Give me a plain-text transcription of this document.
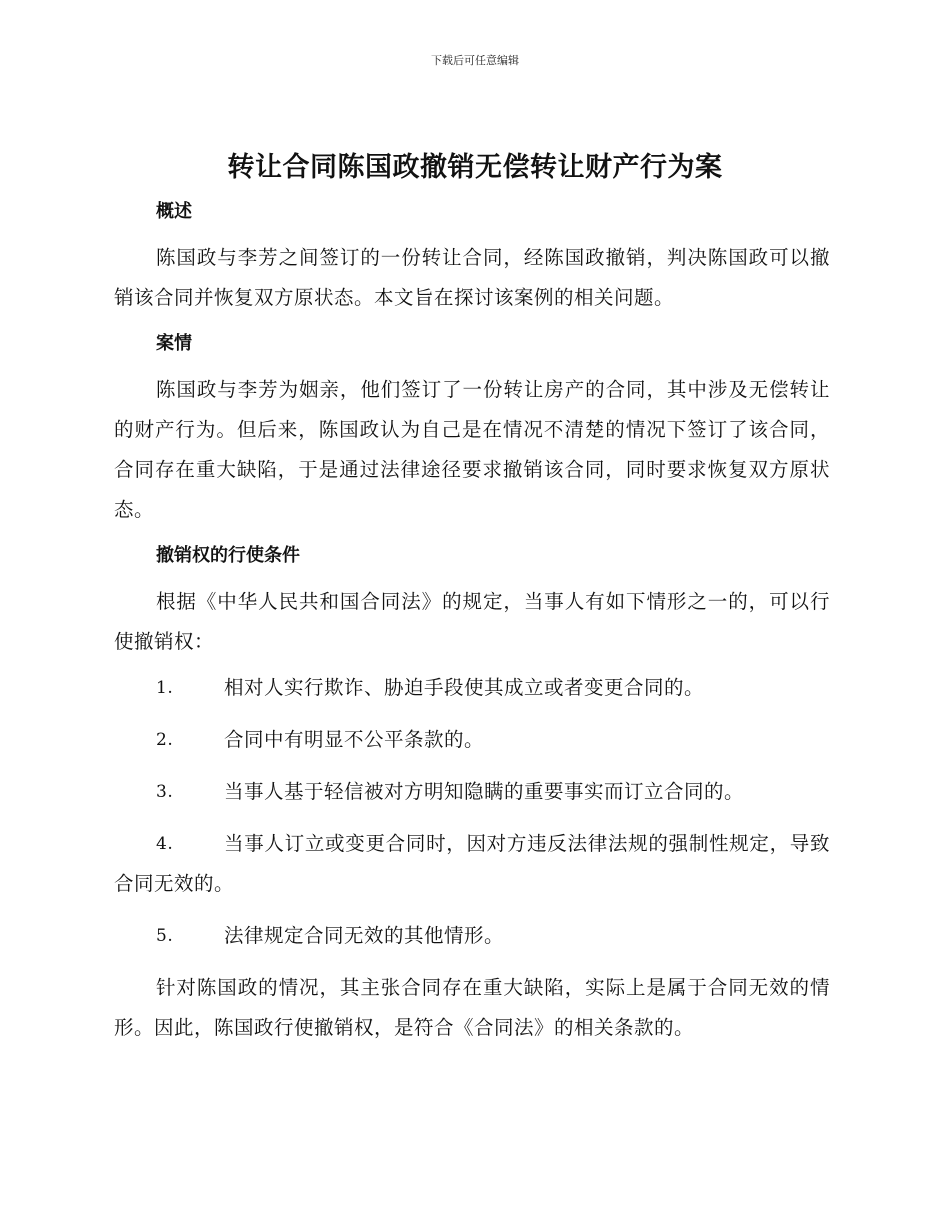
下载后可任意编辑
转让合同陈国政撤销无偿转让财产行为案
概述

陈国政与李芳之间签订的一份转让合同，经陈国政撤销，判决陈国政可以撤销该合同并恢复双方原状态。本文旨在探讨该案例的相关问题。

案情

陈国政与李芳为姻亲，他们签订了一份转让房产的合同，其中涉及无偿转让的财产行为。但后来，陈国政认为自己是在情况不清楚的情况下签订了该合同，合同存在重大缺陷，于是通过法律途径要求撤销该合同，同时要求恢复双方原状态。

撤销权的行使条件

根据《中华人民共和国合同法》的规定，当事人有如下情形之一的，可以行使撤销权：

1.	相对人实行欺诈、胁迫手段使其成立或者变更合同的。
2.	合同中有明显不公平条款的。
3.	当事人基于轻信被对方明知隐瞒的重要事实而订立合同的。
4.	当事人订立或变更合同时，因对方违反法律法规的强制性规定，导致合同无效的。
5.	法律规定合同无效的其他情形。

针对陈国政的情况，其主张合同存在重大缺陷，实际上是属于合同无效的情形。因此，陈国政行使撤销权，是符合《合同法》的相关条款的。
